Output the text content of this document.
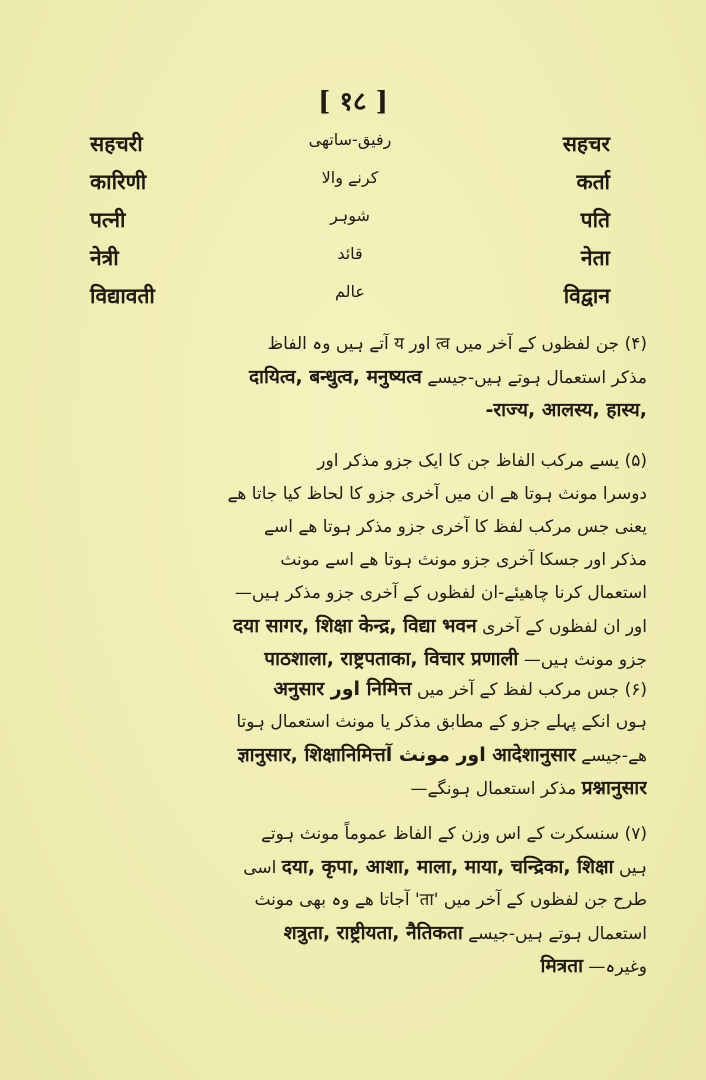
[ १८ ]
सहचरी	رفیق-ساتھی	सहचर
कारिणी	کرنے والا	कर्ता
पत्नी	شوہر	पति
नेत्री	قائد	नेता
विद्यावती	عالم	विद्वान
(۴) جن لفظوں کے آخر میں त्व اور य آتے ہیں وہ الفاظ
مذکر استعمال ہوتے ہیں-جیسے दायित्व, बन्धुत्व, मनुष्यत्व
-राज्य, आलस्य, हास्य,
(۵) یسے مرکب الفاظ جن کا ایک جزو مذکر اور
دوسرا مونث ہوتا ھے ان میں آخری جزو کا لحاظ کیا جاتا ھے
یعنی جس مرکب لفظ کا آخری جزو مذکر ہوتا ھے اسے
مذکر اور جسکا آخری جزو مونث ہوتا ھے اسے مونث
استعمال کرنا چاھیئے-ان لفظوں کے آخری جزو مذکر ہیں—
اور ان لفظوں کے آخری दया सागर, शिक्षा केन्द्र, विद्या भवन
جزو مونث ہیں— पाठशाला, राष्ट्रपताका, विचार प्रणाली
(۶) جس مرکب لفظ کے آخر میں निमित्त اور अनुसार
ہوں انکے پہلے جزو کے مطابق مذکر یا مونث استعمال ہوتا
ھے-جیسے आदेशानुसार اور مونث آज्ञानुसार, शिक्षानिमित्त
प्रश्नानुसार مذکر استعمال ہونگے—
(۷) سنسکرت کے اس وزن کے الفاظ عموماً مونث ہوتے
ہیں दया, कृपा, आशा, माला, माया, चन्द्रिका, शिक्षा اسی
طرح جن لفظوں کے آخر میں 'ता' آجاتا ھے وہ بھی مونث
استعمال ہوتے ہیں-جیسے शत्रुता, राष्ट्रीयता, नैतिकता
وغیرہ— मित्रता
